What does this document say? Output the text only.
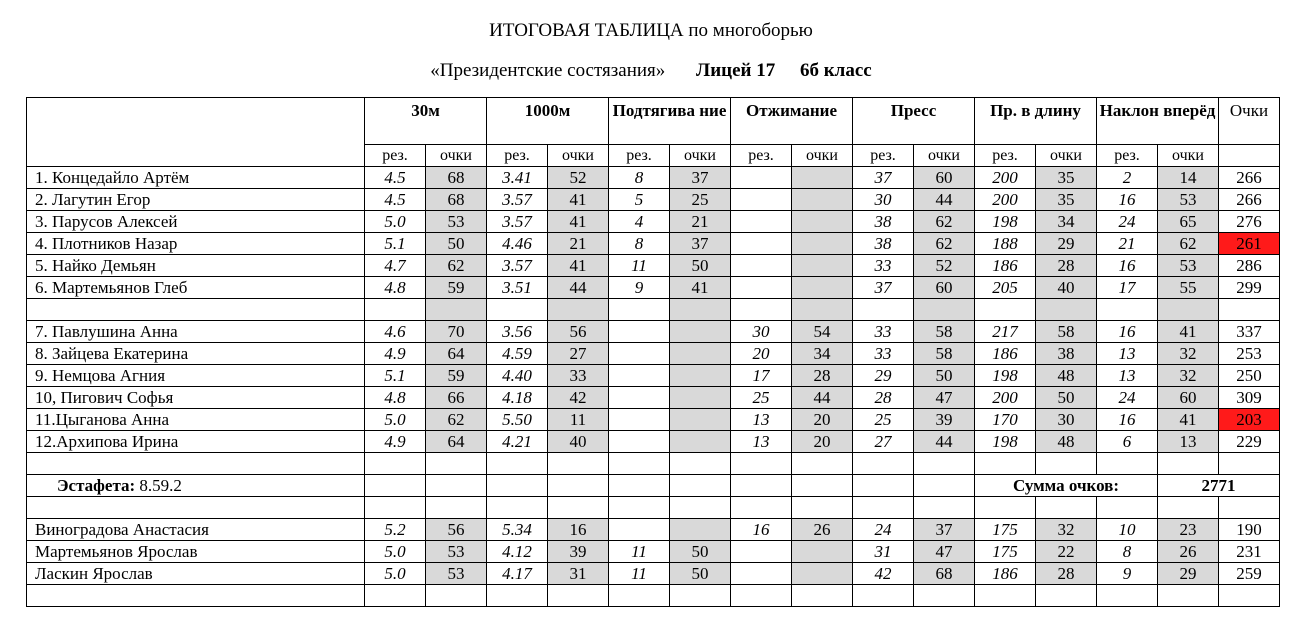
ИТОГОВАЯ ТАБЛИЦА по многоборью
«Президентские состязания» Лицей 17 6б класс
	30м		1000м		Подтягива ние		Отжимание		Пресс		Пр. в длину		Наклон вперёд		Очки
	рез.	очки	рез.	очки	рез.	очки	рез.	очки	рез.	очки	рез.	очки	рез.	очки	
1. Концедайло Артём	4.5	68	3.41	52	8	37			37	60	200	35	2	14	266
2. Лагутин Егор	4.5	68	3.57	41	5	25			30	44	200	35	16	53	266
3. Парусов Алексей	5.0	53	3.57	41	4	21			38	62	198	34	24	65	276
4. Плотников Назар	5.1	50	4.46	21	8	37			38	62	188	29	21	62	261
5. Найко Демьян	4.7	62	3.57	41	11	50			33	52	186	28	16	53	286
6. Мартемьянов Глеб	4.8	59	3.51	44	9	41			37	60	205	40	17	55	299

7. Павлушина Анна	4.6	70	3.56	56			30	54	33	58	217	58	16	41	337
8. Зайцева Екатерина	4.9	64	4.59	27			20	34	33	58	186	38	13	32	253
9. Немцова Агния	5.1	59	4.40	33			17	28	29	50	198	48	13	32	250
10, Пигович Софья	4.8	66	4.18	42			25	44	28	47	200	50	24	60	309
11.Цыганова Анна	5.0	62	5.50	11			13	20	25	39	170	30	16	41	203
12.Архипова Ирина	4.9	64	4.21	40			13	20	27	44	198	48	6	13	229

Эстафета: 8.59.2											Сумма очков:			2771	

Виноградова Анастасия	5.2	56	5.34	16			16	26	24	37	175	32	10	23	190
Мартемьянов Ярослав	5.0	53	4.12	39	11	50			31	47	175	22	8	26	231
Ласкин Ярослав	5.0	53	4.17	31	11	50			42	68	186	28	9	29	259
